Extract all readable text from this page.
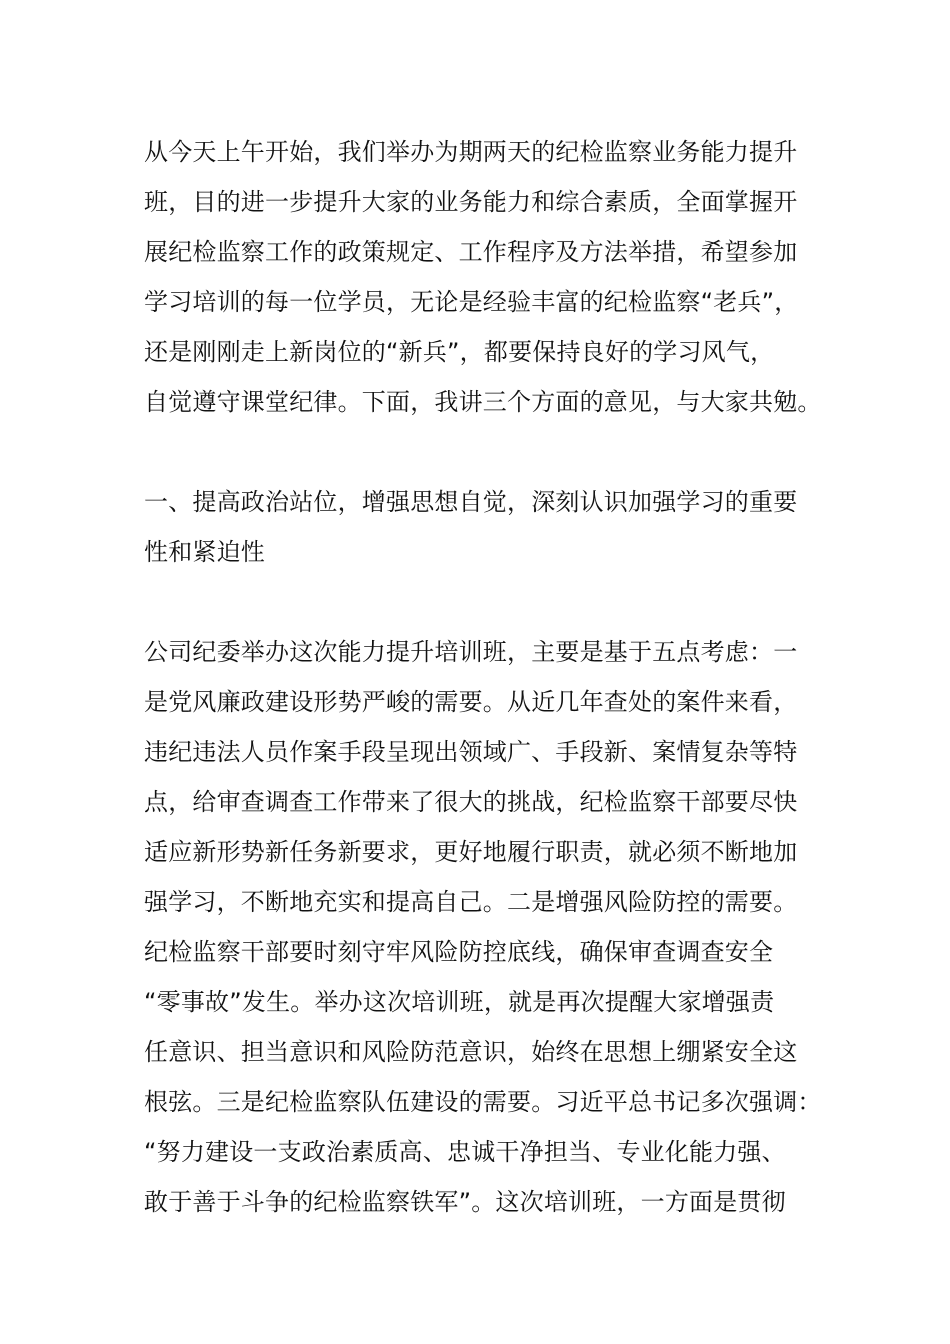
从今天上午开始，我们举办为期两天的纪检监察业务能力提升
班，目的进一步提升大家的业务能力和综合素质，全面掌握开
展纪检监察工作的政策规定、工作程序及方法举措，希望参加
学习培训的每一位学员，无论是经验丰富的纪检监察“老兵”，
还是刚刚走上新岗位的“新兵”，都要保持良好的学习风气，
自觉遵守课堂纪律。下面，我讲三个方面的意见，与大家共勉。
一、提高政治站位，增强思想自觉，深刻认识加强学习的重要
性和紧迫性
公司纪委举办这次能力提升培训班，主要是基于五点考虑：一
是党风廉政建设形势严峻的需要。从近几年查处的案件来看，
违纪违法人员作案手段呈现出领域广、手段新、案情复杂等特
点，给审查调查工作带来了很大的挑战，纪检监察干部要尽快
适应新形势新任务新要求，更好地履行职责，就必须不断地加
强学习，不断地充实和提高自己。二是增强风险防控的需要。
纪检监察干部要时刻守牢风险防控底线，确保审查调查安全
“零事故”发生。举办这次培训班，就是再次提醒大家增强责
任意识、担当意识和风险防范意识，始终在思想上绷紧安全这
根弦。三是纪检监察队伍建设的需要。习近平总书记多次强调：
“努力建设一支政治素质高、忠诚干净担当、专业化能力强、
敢于善于斗争的纪检监察铁军”。这次培训班，一方面是贯彻
